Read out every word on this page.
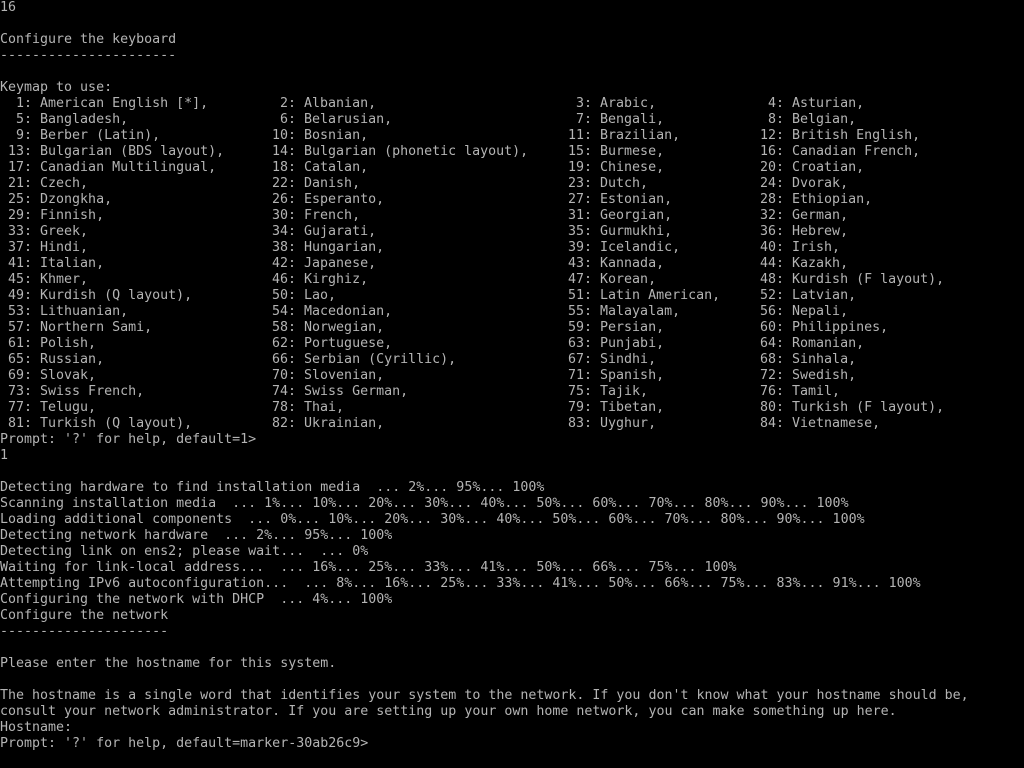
16
Configure the keyboard
----------------------
Keymap to use:
1: American English [*],	2: Albanian,	3: Arabic,	4: Asturian,
5: Bangladesh,	6: Belarusian,	7: Bengali,	8: Belgian,
9: Berber (Latin),	10: Bosnian,	11: Brazilian,	12: British English,
13: Bulgarian (BDS layout), 14: Bulgarian (phonetic layout), 15: Burmese,	16: Canadian French,
17: Canadian Multilingual,	18: Catalan,	19: Chinese,	20: Croatian,
21: Czech,	22: Danish,	23: Dutch,	24: Dvorak,
25: Dzongkha,	26: Esperanto,	27: Estonian,	28: Ethiopian,
29: Finnish,	30: French,	31: Georgian,	32: German,
33: Greek,	34: Gujarati,	35: Gurmukhi,	36: Hebrew,
37: Hindi,	38: Hungarian,	39: Icelandic,	40: Irish,
41: Italian,	42: Japanese,	43: Kannada,	44: Kazakh,
45: Khmer,	46: Kirghiz,	47: Korean,	48: Kurdish (F layout),
49: Kurdish (Q layout),	50: Lao,	51: Latin American, 52: Latvian,
53: Lithuanian,	54: Macedonian,	55: Malayalam,	56: Nepali,
57: Northern Sami,	58: Norwegian,	59: Persian,	60: Philippines,
61: Polish,	62: Portuguese,	63: Punjabi,	64: Romanian,
65: Russian,	66: Serbian (Cyrillic),	67: Sindhi,	68: Sinhala,
69: Slovak,	70: Slovenian,	71: Spanish,	72: Swedish,
73: Swiss French,	74: Swiss German,	75: Tajik,	76: Tamil,
77: Telugu,	78: Thai,	79: Tibetan,	80: Turkish (F layout),
81: Turkish (Q layout),	82: Ukrainian,	83: Uyghur,	84: Vietnamese,
Prompt: '?' for help, default=1>
1
Detecting hardware to find installation media  ... 2%... 95%... 100%
Scanning installation media  ... 1%... 10%... 20%... 30%... 40%... 50%... 60%... 70%... 80%... 90%... 100%
Loading additional components  ... 0%... 10%... 20%... 30%... 40%... 50%... 60%... 70%... 80%... 90%... 100%
Detecting network hardware  ... 2%... 95%... 100%
Detecting link on ens2; please wait...  ... 0%
Waiting for link-local address...  ... 16%... 25%... 33%... 41%... 50%... 66%... 75%... 100%
Attempting IPv6 autoconfiguration...  ... 8%... 16%... 25%... 33%... 41%... 50%... 66%... 75%... 83%... 91%... 100%
Configuring the network with DHCP  ... 4%... 100%
Configure the network
---------------------
Please enter the hostname for this system.
The hostname is a single word that identifies your system to the network. If you don't know what your hostname should be,
consult your network administrator. If you are setting up your own home network, you can make something up here.
Hostname:
Prompt: '?' for help, default=marker-30ab26c9>
